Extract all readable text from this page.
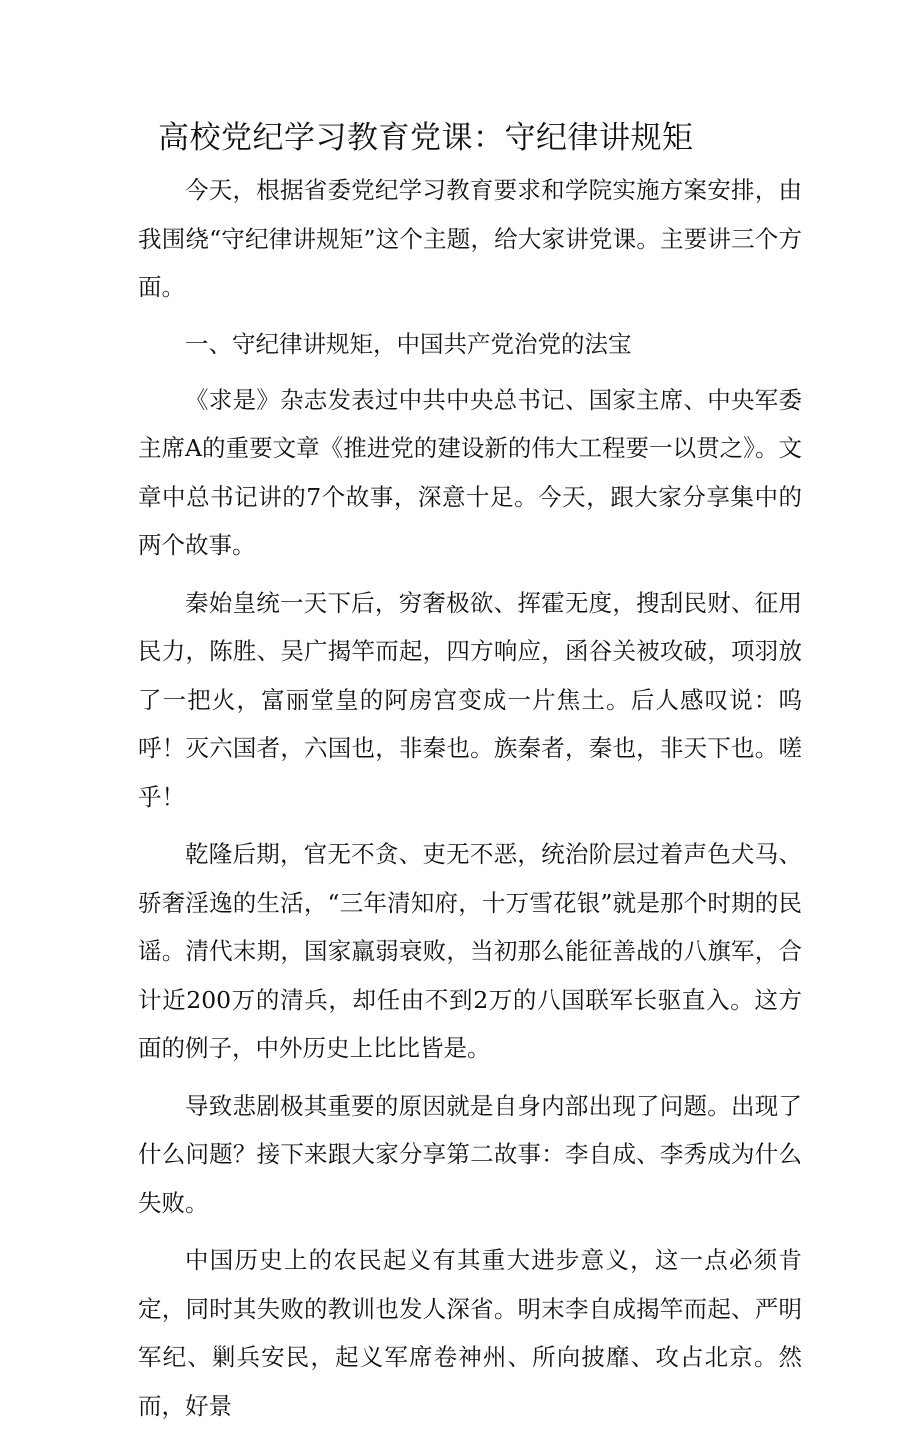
高校党纪学习教育党课：守纪律讲规矩

今天，根据省委党纪学习教育要求和学院实施方案安排，由我围绕“守纪律讲规矩”这个主题，给大家讲党课。主要讲三个方面。

一、守纪律讲规矩，中国共产党治党的法宝

《求是》杂志发表过中共中央总书记、国家主席、中央军委主席A的重要文章《推进党的建设新的伟大工程要一以贯之》。文章中总书记讲的7个故事，深意十足。今天，跟大家分享集中的两个故事。

秦始皇统一天下后，穷奢极欲、挥霍无度，搜刮民财、征用民力，陈胜、吴广揭竿而起，四方响应，函谷关被攻破，项羽放了一把火，富丽堂皇的阿房宫变成一片焦土。后人感叹说：呜呼！灭六国者，六国也，非秦也。族秦者，秦也，非天下也。嗟乎！

乾隆后期，官无不贪、吏无不恶，统治阶层过着声色犬马、骄奢淫逸的生活，“三年清知府，十万雪花银”就是那个时期的民谣。清代末期，国家羸弱衰败，当初那么能征善战的八旗军，合计近200万的清兵，却任由不到2万的八国联军长驱直入。这方面的例子，中外历史上比比皆是。

导致悲剧极其重要的原因就是自身内部出现了问题。出现了什么问题？接下来跟大家分享第二故事：李自成、李秀成为什么失败。

中国历史上的农民起义有其重大进步意义，这一点必须肯定，同时其失败的教训也发人深省。明末李自成揭竿而起、严明军纪、剿兵安民，起义军席卷神州、所向披靡、攻占北京。然而，好景
